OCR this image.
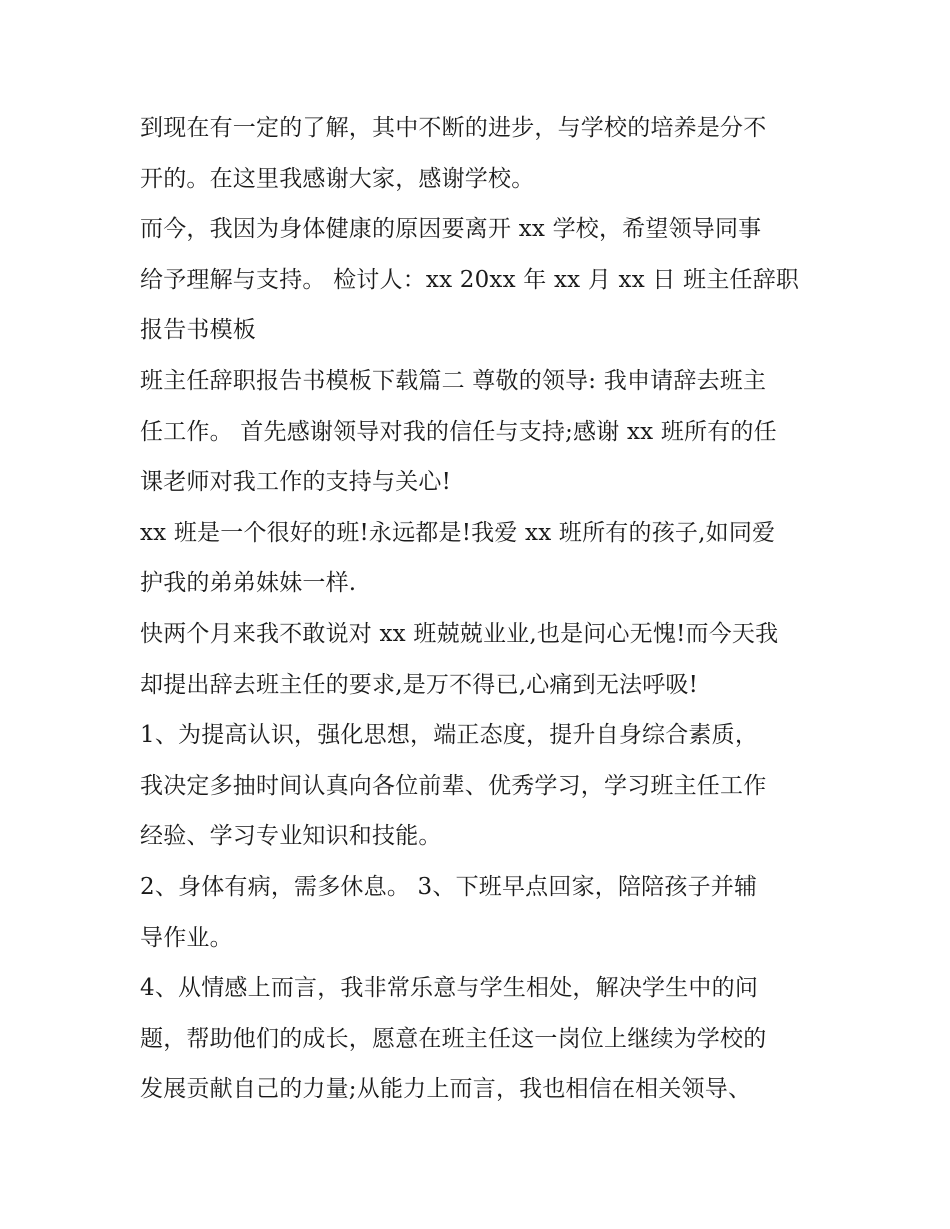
到现在有一定的了解，其中不断的进步，与学校的培养是分不
开的。在这里我感谢大家，感谢学校。
而今，我因为身体健康的原因要离开 xx 学校，希望领导同事
给予理解与支持。 检讨人：xx 20xx 年 xx 月 xx 日 班主任辞职
报告书模板
班主任辞职报告书模板下载篇二 尊敬的领导: 我申请辞去班主
任工作。 首先感谢领导对我的信任与支持;感谢 xx 班所有的任
课老师对我工作的支持与关心!
xx 班是一个很好的班!永远都是!我爱 xx 班所有的孩子,如同爱
护我的弟弟妹妹一样.
快两个月来我不敢说对 xx 班兢兢业业,也是问心无愧!而今天我
却提出辞去班主任的要求,是万不得已,心痛到无法呼吸!
1、为提高认识，强化思想，端正态度，提升自身综合素质，
我决定多抽时间认真向各位前辈、优秀学习，学习班主任工作
经验、学习专业知识和技能。
2、身体有病，需多休息。 3、下班早点回家，陪陪孩子并辅
导作业。
4、从情感上而言，我非常乐意与学生相处，解决学生中的问
题，帮助他们的成长，愿意在班主任这一岗位上继续为学校的
发展贡献自己的力量;从能力上而言，我也相信在相关领导、
